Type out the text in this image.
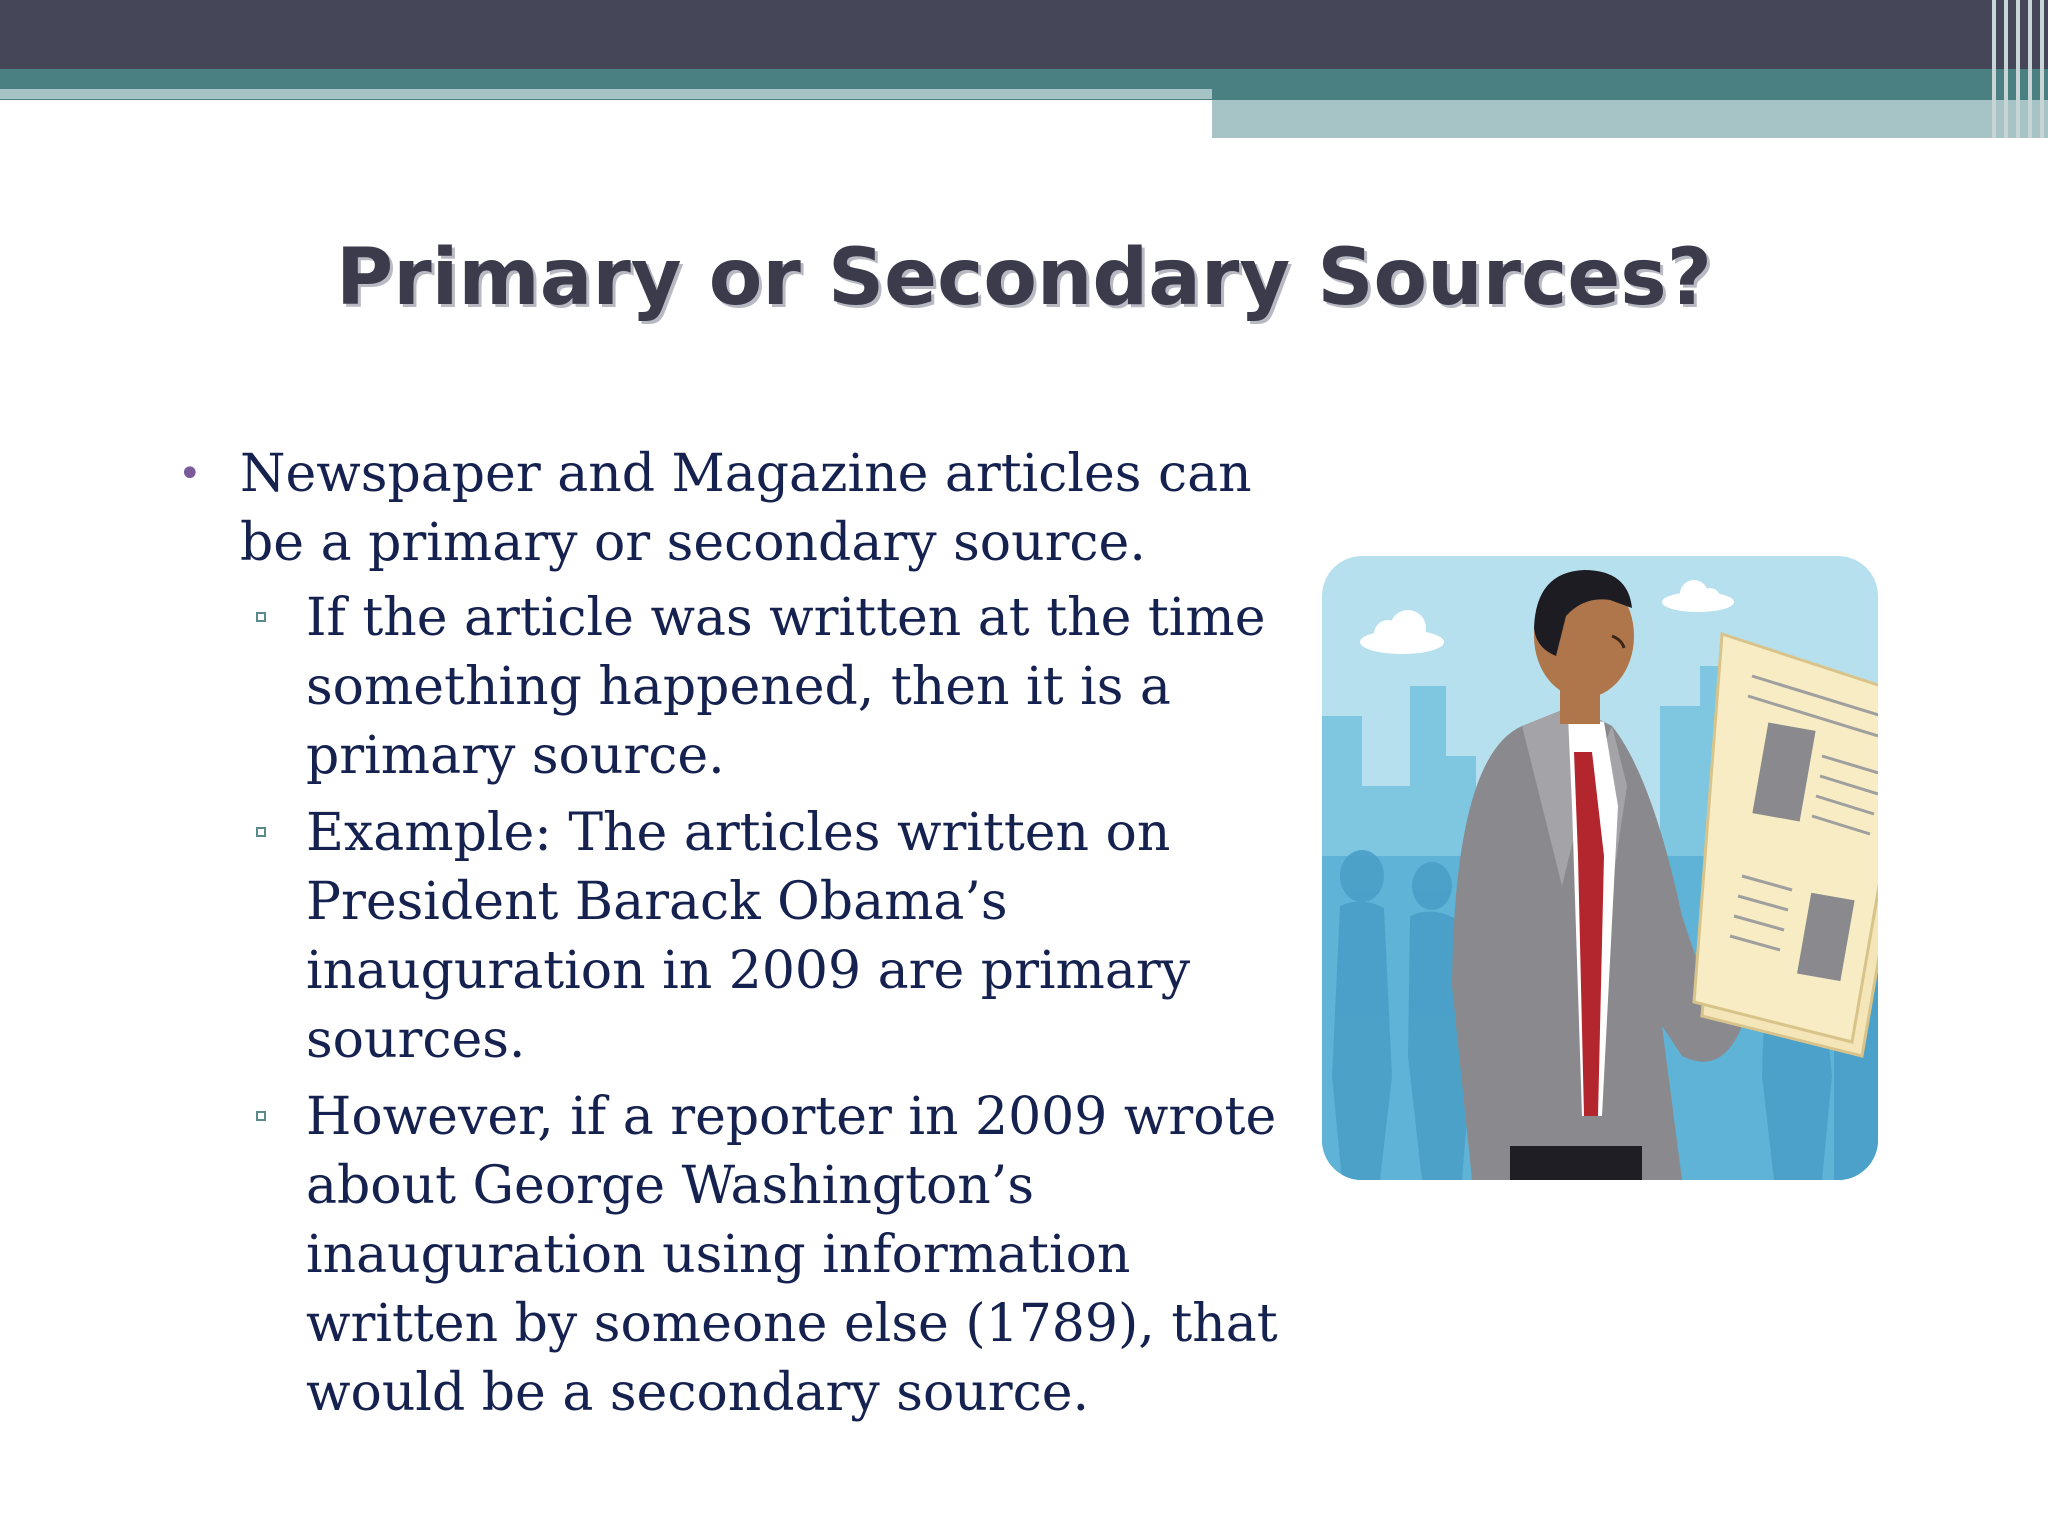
Primary or Secondary Sources?
• Newspaper and Magazine articles can be a primary or secondary source.
If the article was written at the time something happened, then it is a primary source.
Example: The articles written on President Barack Obama’s inauguration in 2009 are primary sources.
However, if a reporter in 2009 wrote about George Washington’s inauguration using information written by someone else (1789), that would be a secondary source.
